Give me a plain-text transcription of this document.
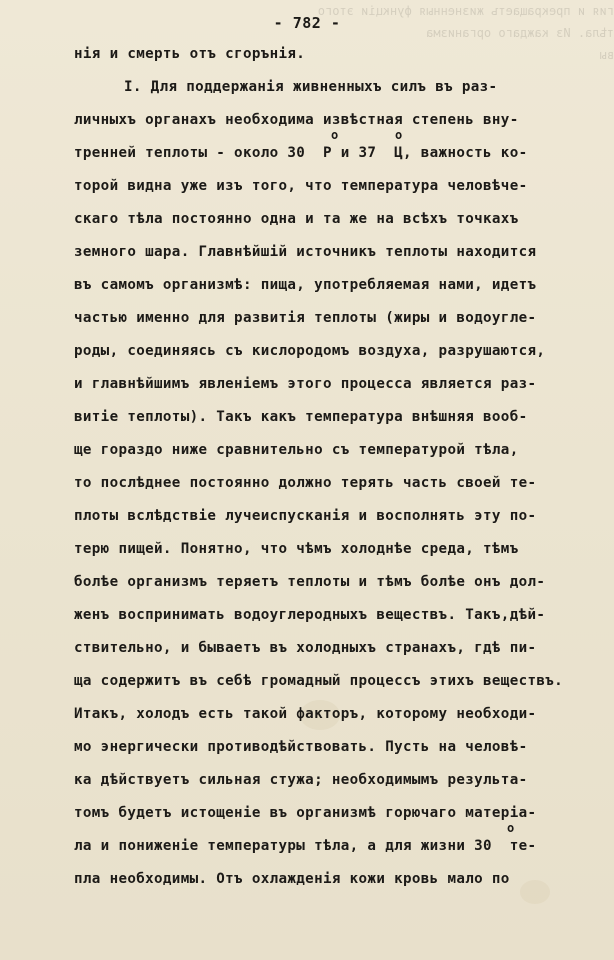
гия и прекращаетъ жизненныя функціи этого
тѣла. Из каждаго организма
вы
- 782 -
нія и смерть отъ сгорънія.
I. Для поддержанія живненныхъ силъ въ раз-
личныхъ органахъ необходима извѣстная степень вну-
о	о
тренней теплоты - около 30  Р и 37  Ц, важность ко-
торой видна уже изъ того, что температура человѣче-
скаго тѣла постоянно одна и та же на всѣхъ точкахъ
земного шара. Главнѣйшій источникъ теплоты находится
въ самомъ организмѣ: пища, употребляемая нами, идетъ
частью именно для развитія теплоты (жиры и водоугле-
роды, соединяясь съ кислородомъ воздуха, разрушаются,
и главнѣйшимъ явленіемъ этого процесса является раз-
витіе теплоты). Такъ какъ температура внѣшняя вооб-
ще гораздо ниже сравнительно съ температурой тѣла,
то послѣднее постоянно должно терять часть своей те-
плоты вслѣдствіе лучеиспусканія и восполнять эту по-
терю пищей. Понятно, что чѣмъ холоднѣе среда, тѣмъ
болѣе организмъ теряетъ теплоты и тѣмъ болѣе онъ дол-
женъ воспринимать водоуглеродныхъ веществъ. Такъ,дѣй-
ствительно, и бываетъ въ холодныхъ странахъ, гдѣ пи-
ща содержитъ въ себѣ громадный процессъ этихъ веществъ.
Итакъ, холодъ есть такой факторъ, которому необходи-
мо энергически противодѣйствовать. Пусть на человѣ-
ка дѣйствуетъ сильная стужа; необходимымъ результа-
томъ будетъ истощеніе въ организмѣ горючаго матеріа-
о
ла и пониженіе температуры тѣла, а для жизни 30  те-
пла необходимы. Отъ охлажденія кожи кровь мало по
